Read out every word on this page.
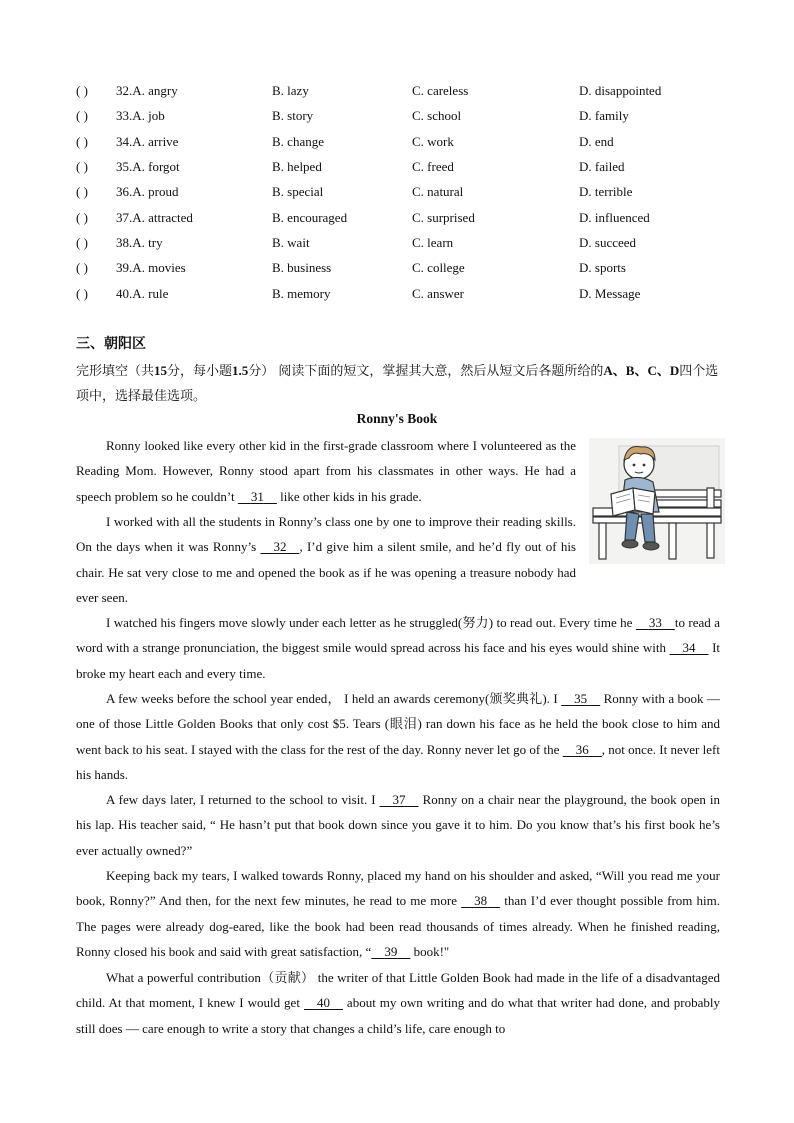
( ) 32.A. angry	B. lazy	C. careless	D. disappointed
( ) 33.A. job	B. story	C. school	D. family
( ) 34.A. arrive	B. change	C. work	D. end
( ) 35.A. forgot	B. helped	C. freed	D. failed
( ) 36.A. proud	B. special	C. natural	D. terrible
( ) 37.A. attracted	B. encouraged	C. surprised	D. influenced
( ) 38.A. try	B. wait	C. learn	D. succeed
( ) 39.A. movies	B. business	C. college	D. sports
( ) 40.A. rule	B. memory	C. answer	D. Message
三、朝阳区
完形填空（共15分，每小题1.5分） 阅读下面的短文，掌握其大意，然后从短文后各题所给的A、B、C、D四个选项中，选择最佳选项。
Ronny's Book
Ronny looked like every other kid in the first-grade classroom where I volunteered as the Reading Mom. However, Ronny stood apart from his classmates in other ways. He had a speech problem so he couldn’t 31 like other kids in his grade.
I worked with all the students in Ronny’s class one by one to improve their reading skills. On the days when it was Ronny’s 32 , I’d give him a silent smile, and he’d fly out of his chair. He sat very close to me and opened the book as if he was opening a treasure nobody had ever seen.
I watched his fingers move slowly under each letter as he struggled(努力) to read out. Every time he 33 to read a word with a strange pronunciation, the biggest smile would spread across his face and his eyes would shine with 34 It broke my heart each and every time.
A few weeks before the school year ended， I held an awards ceremony(颁奖典礼). I 35 Ronny with a book — one of those Little Golden Books that only cost $5. Tears (眼泪) ran down his face as he held the book close to him and went back to his seat. I stayed with the class for the rest of the day. Ronny never let go of the 36 , not once. It never left his hands.
A few days later, I returned to the school to visit. I 37 Ronny on a chair near the playground, the book open in his lap. His teacher said, “ He hasn’t put that book down since you gave it to him. Do you know that’s his first book he’s ever actually owned?”
Keeping back my tears, I walked towards Ronny, placed my hand on his shoulder and asked, “Will you read me your book, Ronny?” And then, for the next few minutes, he read to me more 38 than I’d ever thought possible from him. The pages were already dog-eared, like the book had been read thousands of times already. When he finished reading, Ronny closed his book and said with great satisfaction, “ 39 book!"
What a powerful contribution（贡献） the writer of that Little Golden Book had made in the life of a disadvantaged child. At that moment, I knew I would get 40 about my own writing and do what that writer had done, and probably still does — care enough to write a story that changes a child’s life, care enough to
